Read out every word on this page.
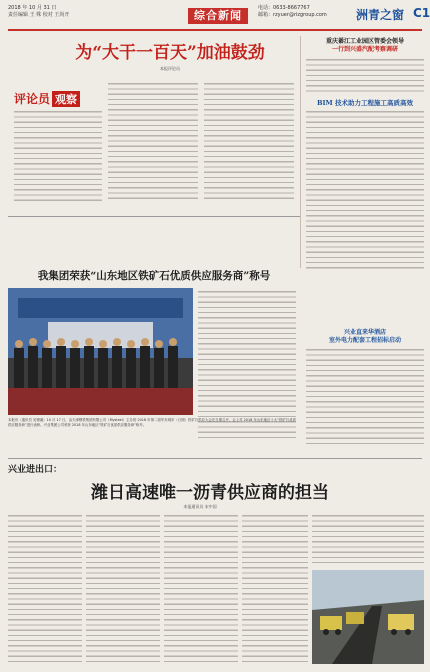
2018 年 10 月 31 日
责任编辑 王 殊 校对 王尚开	综合新闻
电话：0633-8667767
邮箱：rzyuer@rizgroup.com	洲青之窗 C1
为“大干一百天”加油鼓劲
本报评论员
评论员 观察
重庆綦江工业园区管委会领导
一行到兴盛汽配考察调研
BIM 技术助力工程施工高质高效
兴业直来华酒店
室外电力配套工程招标启动
我集团荣获“山东地区铁矿石优质供应服务商”称号
本报讯（通讯员 吴锡溪）10 月 17 日，由天津钢铁集团有限公司（Mysteel）主办的 2018 年第二届华东城市（日照）铁矿石供应大会在日照召开，会上对 2018 年山东地区十大“铁矿石优质供应服务商”进行表彰。兴业集团公司荣获 2018 年山东地区“铁矿石优质供应服务商”称号。
兴业进出口：
潍日高速唯一沥青供应商的担当
本报通讯员 宋中国
